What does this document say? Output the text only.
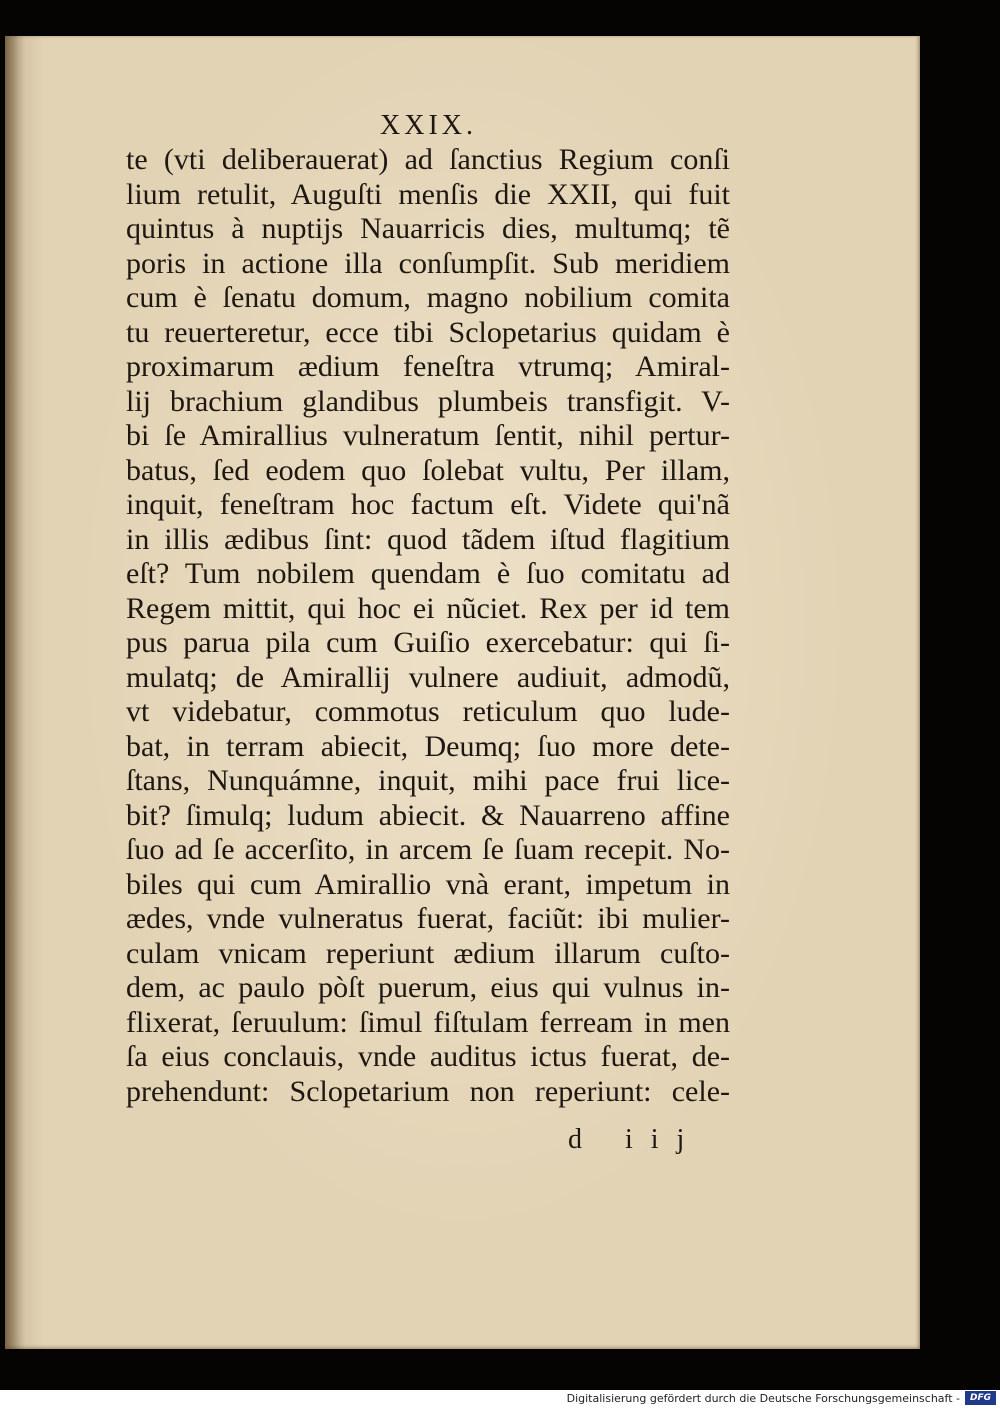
XXIX.

te (vti deliberauerat) ad ſanctius Regium conſi
lium retulit, Auguſti menſis die XXII, qui fuit
quintus à nuptijs Nauarricis dies, multumq; tẽ
poris in actione illa conſumpſit. Sub meridiem
cum è ſenatu domum, magno nobilium comita
tu reuerteretur, ecce tibi Sclopetarius quidam è
proximarum ædium feneſtra vtrumq; Amiral-
lij brachium glandibus plumbeis transfigit. V-
bi ſe Amirallius vulneratum ſentit, nihil pertur-
batus, ſed eodem quo ſolebat vultu, Per illam,
inquit, feneſtram hoc factum eſt. Videte qui'nã
in illis ædibus ſint: quod tãdem iſtud flagitium
eſt? Tum nobilem quendam è ſuo comitatu ad
Regem mittit, qui hoc ei nũciet. Rex per id tem
pus parua pila cum Guiſio exercebatur: qui ſi-
mulatq; de Amirallij vulnere audiuit, admodũ,
vt videbatur, commotus reticulum quo lude-
bat, in terram abiecit, Deumq; ſuo more dete-
ſtans, Nunquámne, inquit, mihi pace frui lice-
bit? ſimulq; ludum abiecit. & Nauarreno affine
ſuo ad ſe accerſito, in arcem ſe ſuam recepit. No-
biles qui cum Amirallio vnà erant, impetum in
ædes, vnde vulneratus fuerat, faciũt: ibi mulier-
culam vnicam reperiunt ædium illarum cuſto-
dem, ac paulo pòſt puerum, eius qui vulnus in-
flixerat, ſeruulum: ſimul fiſtulam ferream in men
ſa eius conclauis, vnde auditus ictus fuerat, de-
prehendunt: Sclopetarium non reperiunt: cele-

d iij

Digitalisierung gefördert durch die Deutsche Forschungsgemeinschaft -	DFG
